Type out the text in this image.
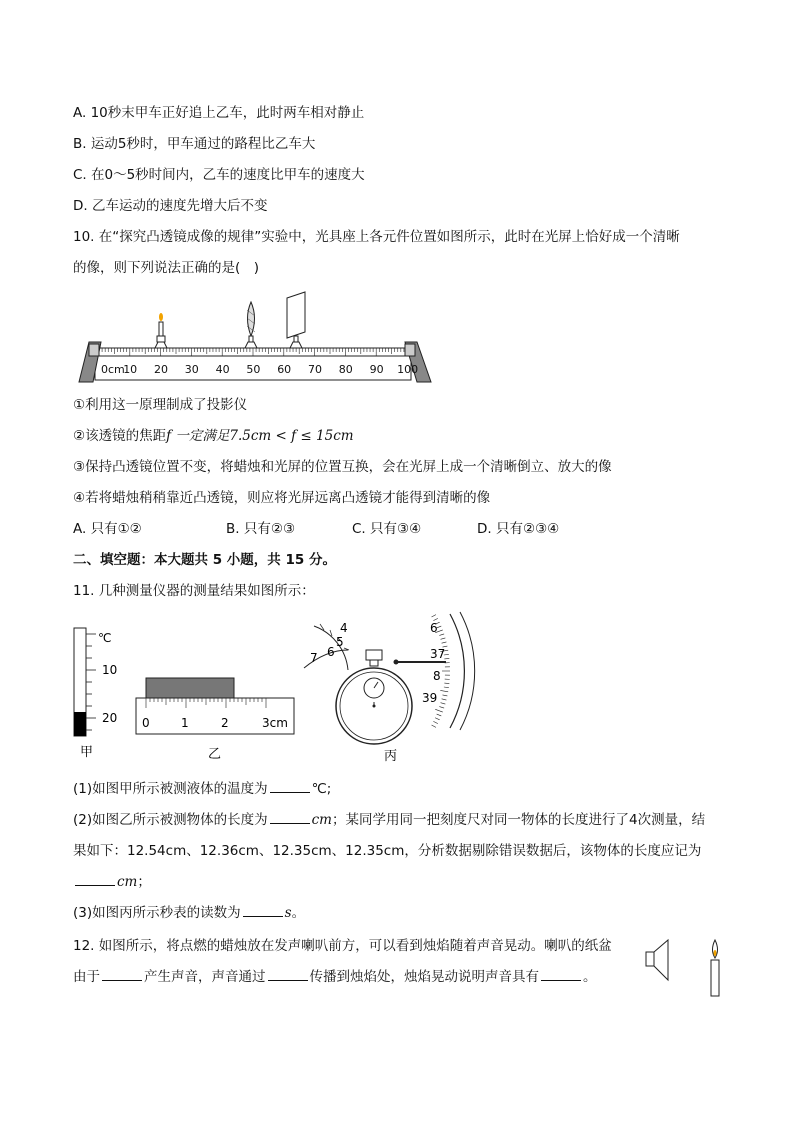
A. 10秒末甲车正好追上乙车，此时两车相对静止
B. 运动5秒时，甲车通过的路程比乙车大
C. 在0～5秒时间内，乙车的速度比甲车的速度大
D. 乙车运动的速度先增大后不变
10. 在“探究凸透镜成像的规律”实验中，光具座上各元件位置如图所示，此时在光屏上恰好成一个清晰
的像，则下列说法正确的是(　)
0cm
10 20 30 40 50 60 70 80 90 100
①利用这一原理制成了投影仪
②该透镜的焦距f 一定满足7.5cm < f ≤ 15cm
③保持凸透镜位置不变，将蜡烛和光屏的位置互换，会在光屏上成一个清晰倒立、放大的像
④若将蜡烛稍稍靠近凸透镜，则应将光屏远离凸透镜才能得到清晰的像
A. 只有①②	B. 只有②③	C. 只有③④	D. 只有②③④
二、填空题：本大题共 5 小题，共 15 分。
11. 几种测量仪器的测量结果如图所示：
℃
10
20
甲
0	1	2	3cm
乙
4
5
6
7
6
37
8
39
丙
(1)如图甲所示被测液体的温度为	℃;
(2)如图乙所示被测物体的长度为	cm；某同学用同一把刻度尺对同一物体的长度进行了4次测量，结
果如下：12.54cm、12.36cm、12.35cm、12.35cm，分析数据剔除错误数据后，该物体的长度应记为
cm；
(3)如图丙所示秒表的读数为	s。
12. 如图所示，将点燃的蜡烛放在发声喇叭前方，可以看到烛焰随着声音晃动。喇叭的纸盆
由于	产生声音，声音通过	传播到烛焰处，烛焰晃动说明声音具有	。
